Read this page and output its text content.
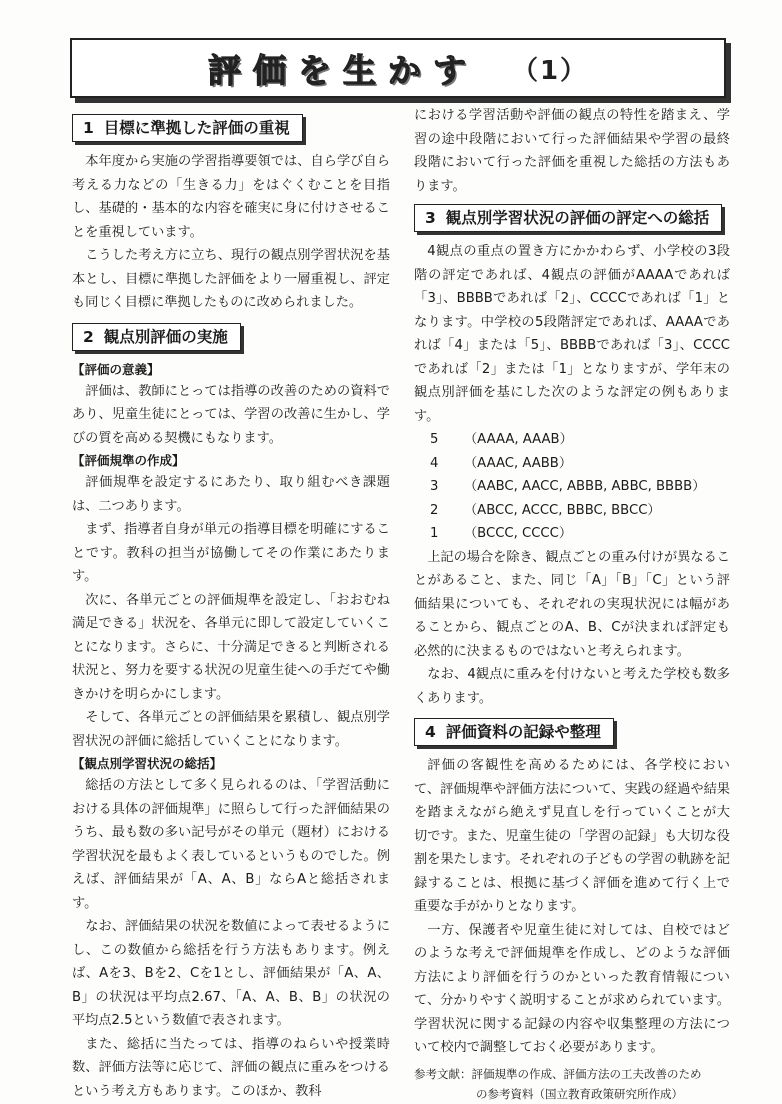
評価を生かす （1）
1 目標に準拠した評価の重視

本年度から実施の学習指導要領では、自ら学び自ら考える力などの「生きる力」をはぐくむことを目指し、基礎的・基本的な内容を確実に身に付けさせることを重視しています。

こうした考え方に立ち、現行の観点別学習状況を基本とし、目標に準拠した評価をより一層重視し、評定も同じく目標に準拠したものに改められました。

2 観点別評価の実施
【評価の意義】

評価は、教師にとっては指導の改善のための資料であり、児童生徒にとっては、学習の改善に生かし、学びの質を高める契機にもなります。

【評価規準の作成】

評価規準を設定するにあたり、取り組むべき課題は、二つあります。

まず、指導者自身が単元の指導目標を明確にすることです。教科の担当が協働してその作業にあたります。

次に、各単元ごとの評価規準を設定し、「おおむね満足できる」状況を、各単元に即して設定していくことになります。さらに、十分満足できると判断される状況と、努力を要する状況の児童生徒への手だてや働きかけを明らかにします。

そして、各単元ごとの評価結果を累積し、観点別学習状況の評価に総括していくことになります。

【観点別学習状況の総括】

総括の方法として多く見られるのは、「学習活動における具体の評価規準」に照らして行った評価結果のうち、最も数の多い記号がその単元（題材）における学習状況を最もよく表しているというものでした。例えば、評価結果が「A、A、B」ならAと総括されます。

なお、評価結果の状況を数値によって表せるようにし、この数値から総括を行う方法もあります。例えば、Aを3、Bを2、Cを1とし、評価結果が「A、A、B」の状況は平均点2.67、「A、A、B、B」の状況の平均点2.5という数値で表されます。

また、総括に当たっては、指導のねらいや授業時数、評価方法等に応じて、評価の観点に重みをつけるという考え方もあります。このほか、教科

における学習活動や評価の観点の特性を踏まえ、学習の途中段階において行った評価結果や学習の最終段階において行った評価を重視した総括の方法もあります。

3 観点別学習状況の評価の評定への総括

4観点の重点の置き方にかかわらず、小学校の3段階の評定であれば、4観点の評価がAAAAであれば「3」、BBBBであれば「2」、CCCCであれば「1」となります。中学校の5段階評定であれば、AAAAであれば「4」または「5」、BBBBであれば「3」、CCCCであれば「2」または「1」となりますが、学年末の観点別評価を基にした次のような評定の例もあります。

5 （AAAA, AAAB）
4 （AAAC, AABB）
3 （AABC, AACC, ABBB, ABBC, BBBB）
2 （ABCC, ACCC, BBBC, BBCC）
1 （BCCC, CCCC）

上記の場合を除き、観点ごとの重み付けが異なることがあること、また、同じ「A」「B」「C」という評価結果についても、それぞれの実現状況には幅があることから、観点ごとのA、B、Cが決まれば評定も必然的に決まるものではないと考えられます。

なお、4観点に重みを付けないと考えた学校も数多くあります。

4 評価資料の記録や整理

評価の客観性を高めるためには、各学校において、評価規準や評価方法について、実践の経過や結果を踏まえながら絶えず見直しを行っていくことが大切です。また、児童生徒の「学習の記録」も大切な役割を果たします。それぞれの子どもの学習の軌跡を記録することは、根拠に基づく評価を進めて行く上で重要な手がかりとなります。

一方、保護者や児童生徒に対しては、自校ではどのような考えで評価規準を作成し、どのような評価方法により評価を行うのかといった教育情報について、分かりやすく説明することが求められています。学習状況に関する記録の内容や収集整理の方法について校内で調整しておく必要があります。

参考文献：評価規準の作成、評価方法の工夫改善のため
の参考資料（国立教育政策研究所作成）
